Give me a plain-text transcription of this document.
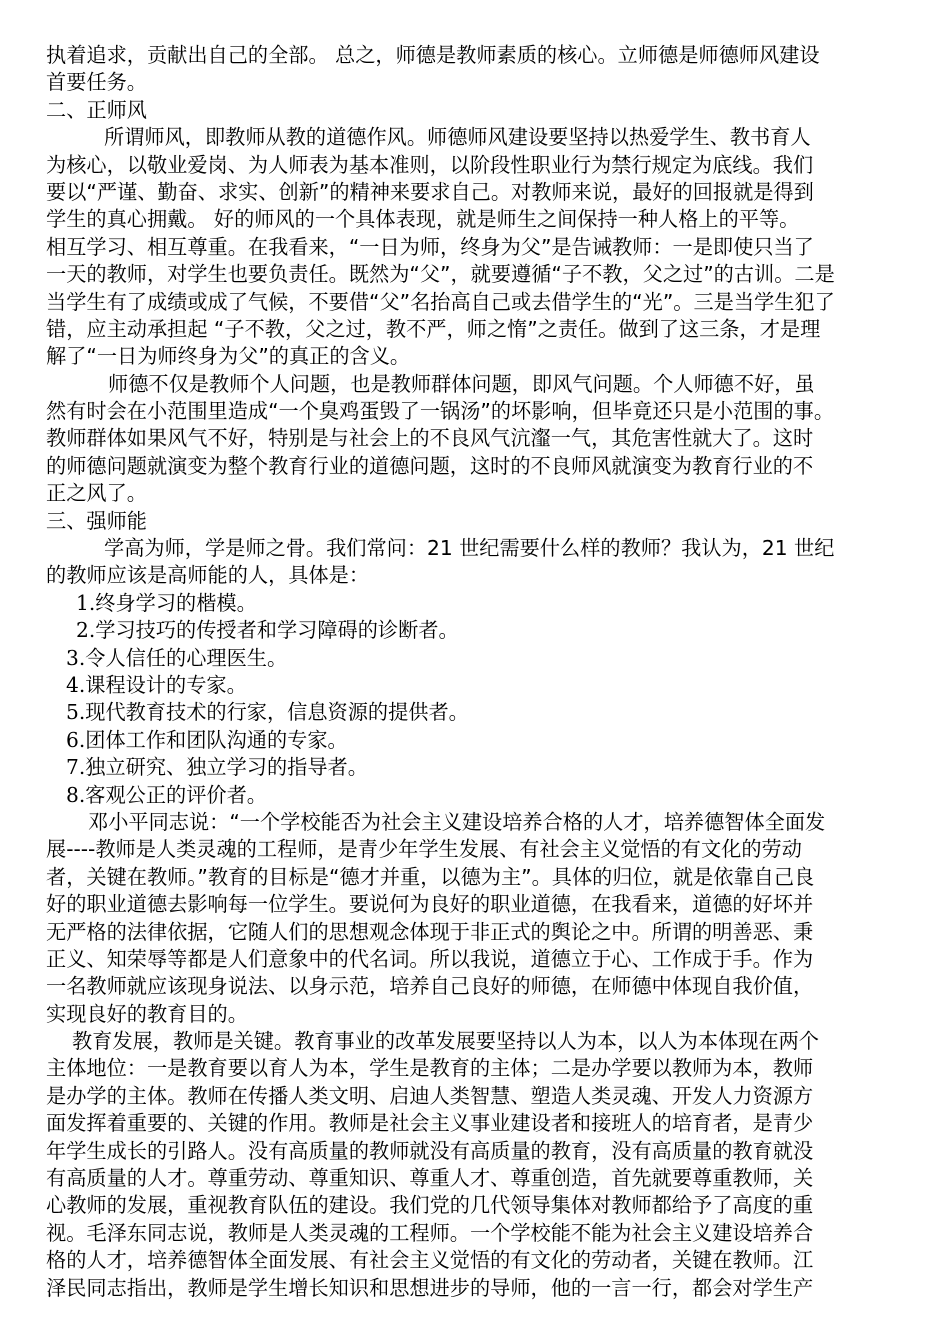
执着追求，贡献出自己的全部。 总之，师德是教师素质的核心。立师德是师德师风建设
首要任务。
二、正师风
所谓师风，即教师从教的道德作风。师德师风建设要坚持以热爱学生、教书育人
为核心，以敬业爱岗、为人师表为基本准则，以阶段性职业行为禁行规定为底线。我们
要以“严谨、勤奋、求实、创新”的精神来要求自己。对教师来说，最好的回报就是得到
学生的真心拥戴。 好的师风的一个具体表现，就是师生之间保持一种人格上的平等。
相互学习、相互尊重。在我看来，“一日为师，终身为父”是告诫教师：一是即使只当了
一天的教师，对学生也要负责任。既然为“父”，就要遵循“子不教，父之过”的古训。二是
当学生有了成绩或成了气候，不要借“父”名抬高自己或去借学生的“光”。三是当学生犯了
错，应主动承担起 “子不教，父之过，教不严，师之惰”之责任。做到了这三条，才是理
解了“一日为师终身为父”的真正的含义。
师德不仅是教师个人问题，也是教师群体问题，即风气问题。个人师德不好，虽
然有时会在小范围里造成“一个臭鸡蛋毁了一锅汤”的坏影响，但毕竟还只是小范围的事。
教师群体如果风气不好，特别是与社会上的不良风气沆瀣一气，其危害性就大了。这时
的师德问题就演变为整个教育行业的道德问题，这时的不良师风就演变为教育行业的不
正之风了。
三、强师能
学高为师，学是师之骨。我们常问：21 世纪需要什么样的教师？我认为，21 世纪
的教师应该是高师能的人，具体是：
1.终身学习的楷模。
2.学习技巧的传授者和学习障碍的诊断者。
3.令人信任的心理医生。
4.课程设计的专家。
5.现代教育技术的行家，信息资源的提供者。
6.团体工作和团队沟通的专家。
7.独立研究、独立学习的指导者。
8.客观公正的评价者。
邓小平同志说：“一个学校能否为社会主义建设培养合格的人才，培养德智体全面发
展----教师是人类灵魂的工程师，是青少年学生发展、有社会主义觉悟的有文化的劳动
者，关键在教师。”教育的目标是“德才并重，以德为主”。具体的归位，就是依靠自己良
好的职业道德去影响每一位学生。要说何为良好的职业道德，在我看来，道德的好坏并
无严格的法律依据，它随人们的思想观念体现于非正式的舆论之中。所谓的明善恶、秉
正义、知荣辱等都是人们意象中的代名词。所以我说，道德立于心、工作成于手。作为
一名教师就应该现身说法、以身示范，培养自己良好的师德，在师德中体现自我价值，
实现良好的教育目的。
教育发展，教师是关键。教育事业的改革发展要坚持以人为本，以人为本体现在两个
主体地位：一是教育要以育人为本，学生是教育的主体；二是办学要以教师为本，教师
是办学的主体。教师在传播人类文明、启迪人类智慧、塑造人类灵魂、开发人力资源方
面发挥着重要的、关键的作用。教师是社会主义事业建设者和接班人的培育者，是青少
年学生成长的引路人。没有高质量的教师就没有高质量的教育，没有高质量的教育就没
有高质量的人才。尊重劳动、尊重知识、尊重人才、尊重创造，首先就要尊重教师，关
心教师的发展，重视教育队伍的建设。我们党的几代领导集体对教师都给予了高度的重
视。毛泽东同志说，教师是人类灵魂的工程师。一个学校能不能为社会主义建设培养合
格的人才，培养德智体全面发展、有社会主义觉悟的有文化的劳动者，关键在教师。江
泽民同志指出，教师是学生增长知识和思想进步的导师，他的一言一行，都会对学生产
